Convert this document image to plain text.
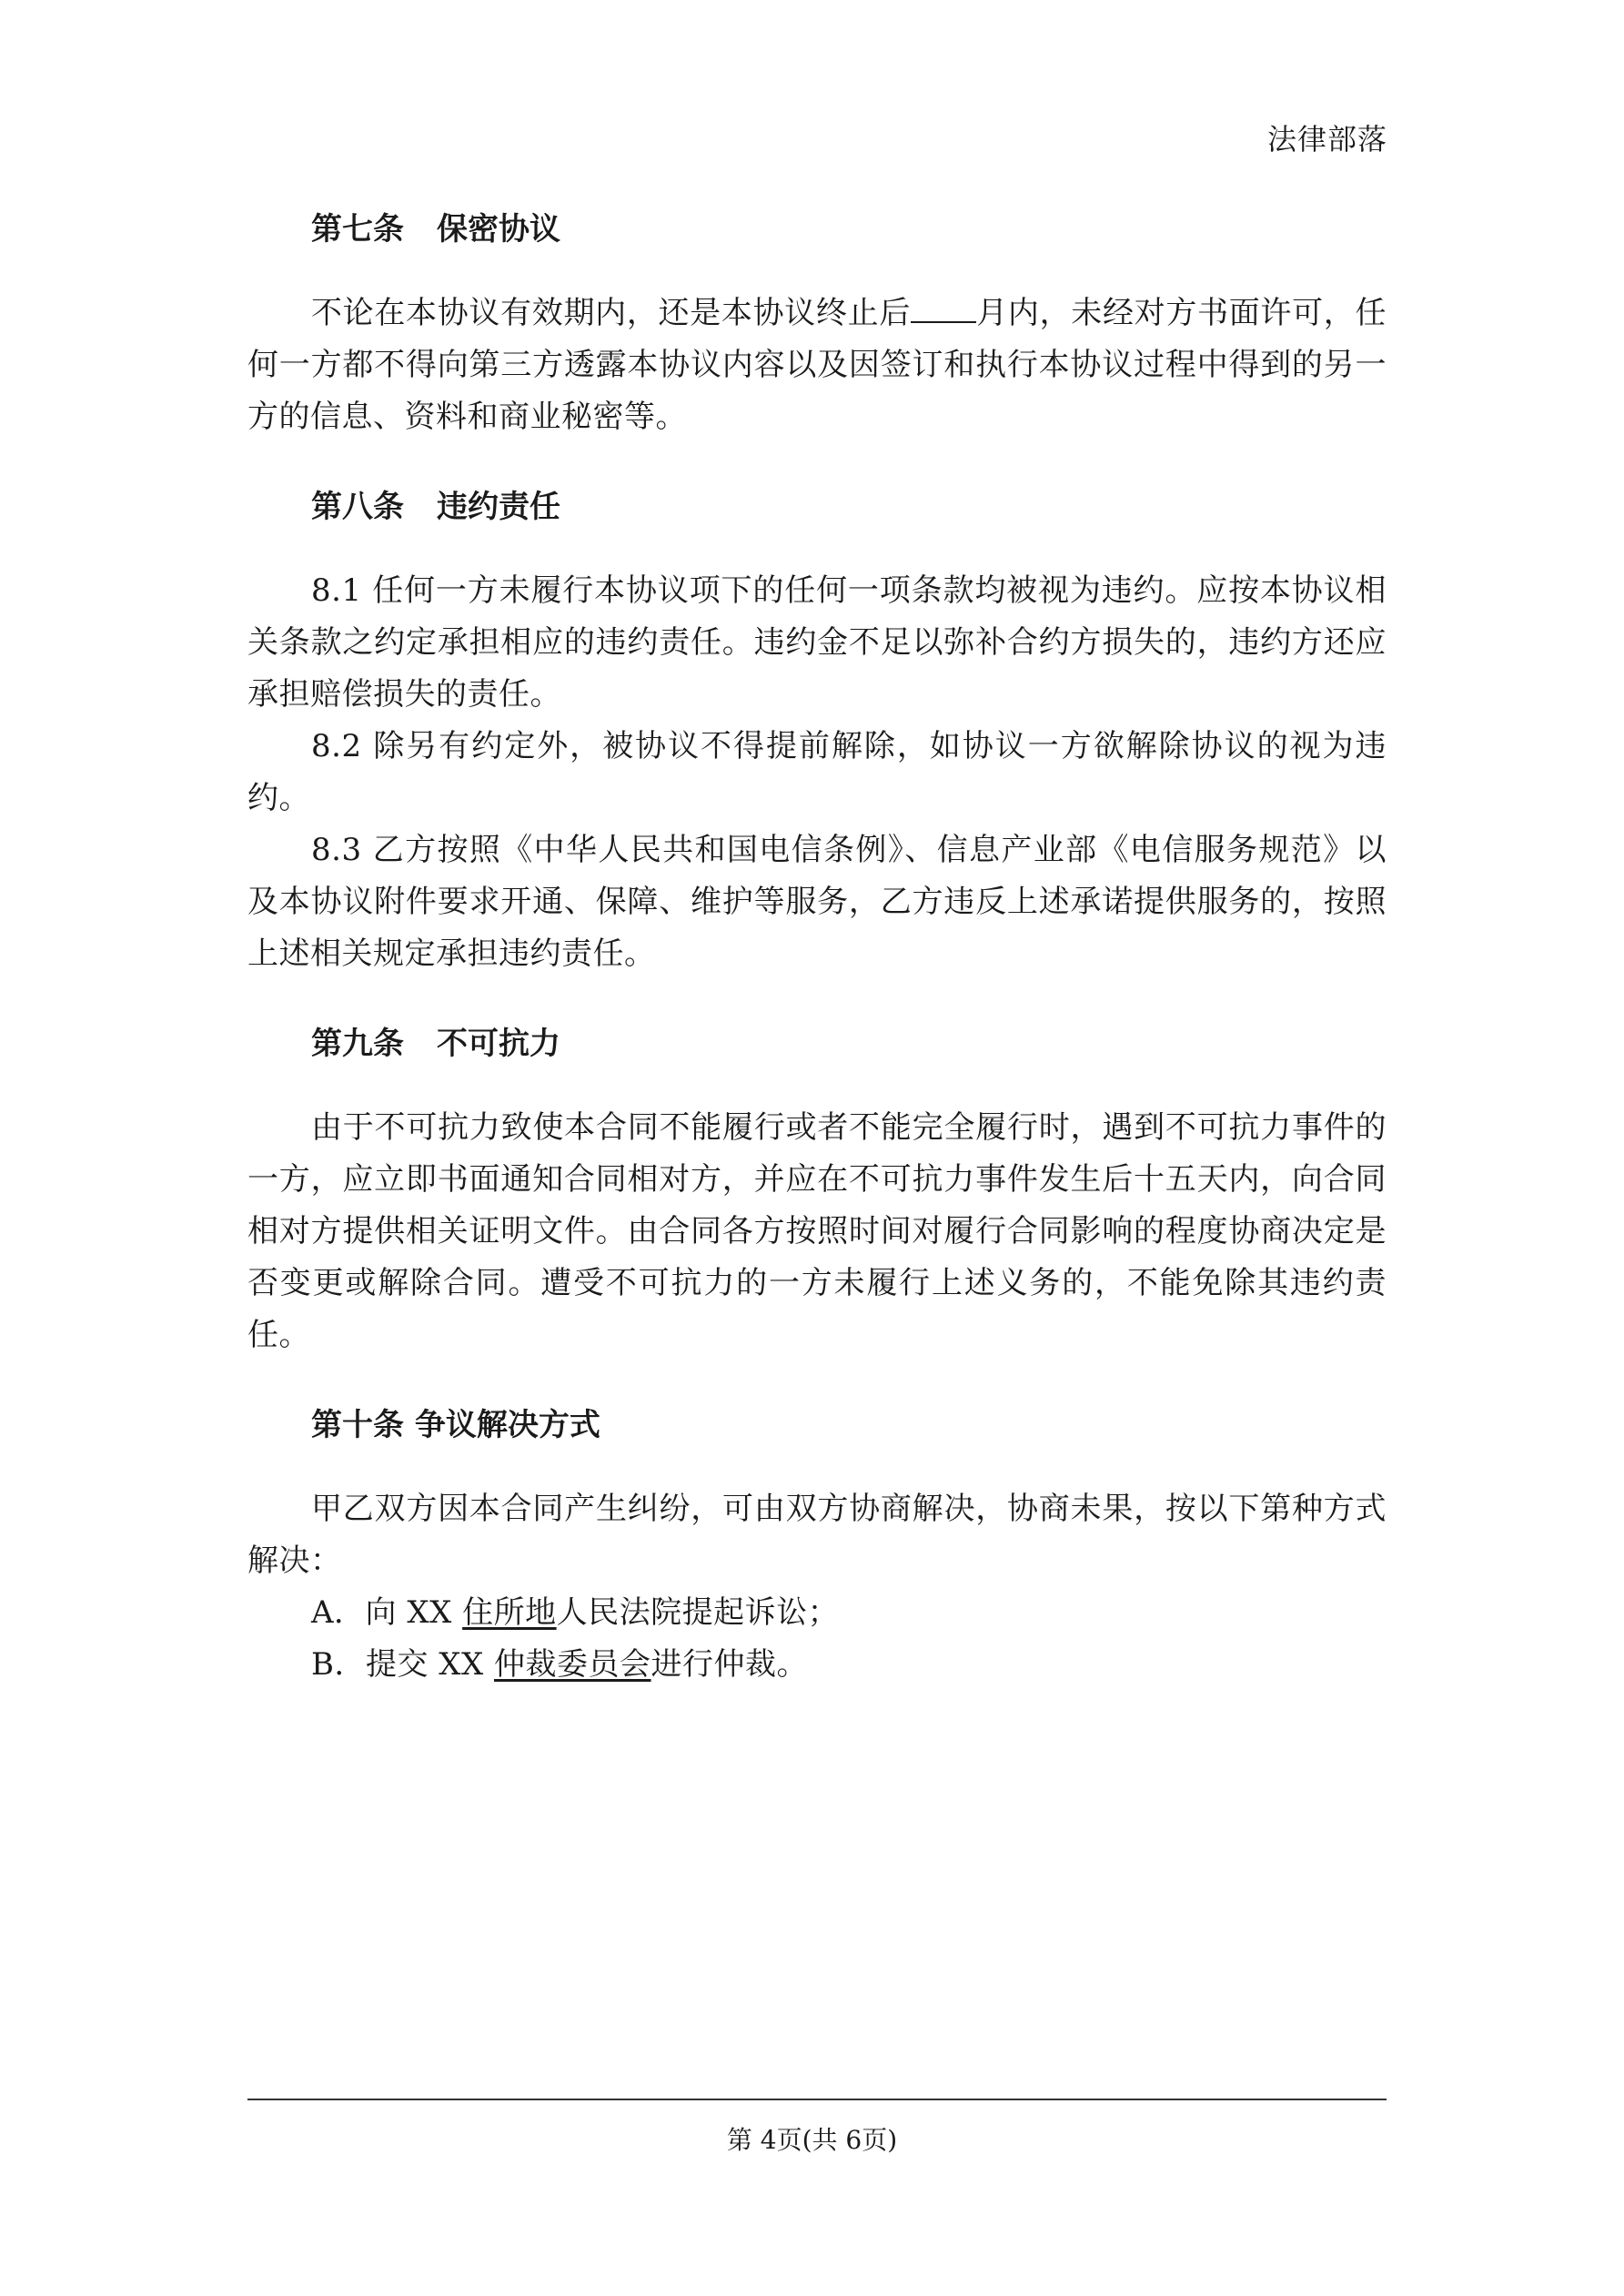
法律部落
第七条 保密协议

不论在本协议有效期内，还是本协议终止后 月内，未经对方书面许可，任何一方都不得向第三方透露本协议内容以及因签订和执行本协议过程中得到的另一方的信息、资料和商业秘密等。

第八条 违约责任

8.1 任何一方未履行本协议项下的任何一项条款均被视为违约。应按本协议相关条款之约定承担相应的违约责任。违约金不足以弥补合约方损失的，违约方还应承担赔偿损失的责任。

8.2 除另有约定外，被协议不得提前解除，如协议一方欲解除协议的视为违约。

8.3 乙方按照《中华人民共和国电信条例》、信息产业部《电信服务规范》以及本协议附件要求开通、保障、维护等服务，乙方违反上述承诺提供服务的，按照上述相关规定承担违约责任。

第九条 不可抗力

由于不可抗力致使本合同不能履行或者不能完全履行时，遇到不可抗力事件的一方，应立即书面通知合同相对方，并应在不可抗力事件发生后十五天内，向合同相对方提供相关证明文件。由合同各方按照时间对履行合同影响的程度协商决定是否变更或解除合同。遭受不可抗力的一方未履行上述义务的，不能免除其违约责任。

第十条 争议解决方式

甲乙双方因本合同产生纠纷，可由双方协商解决，协商未果，按以下第种方式解决：

A．向 XX 住所地人民法院提起诉讼；

B．提交 XX 仲裁委员会进行仲裁。

第 4页(共 6页)
